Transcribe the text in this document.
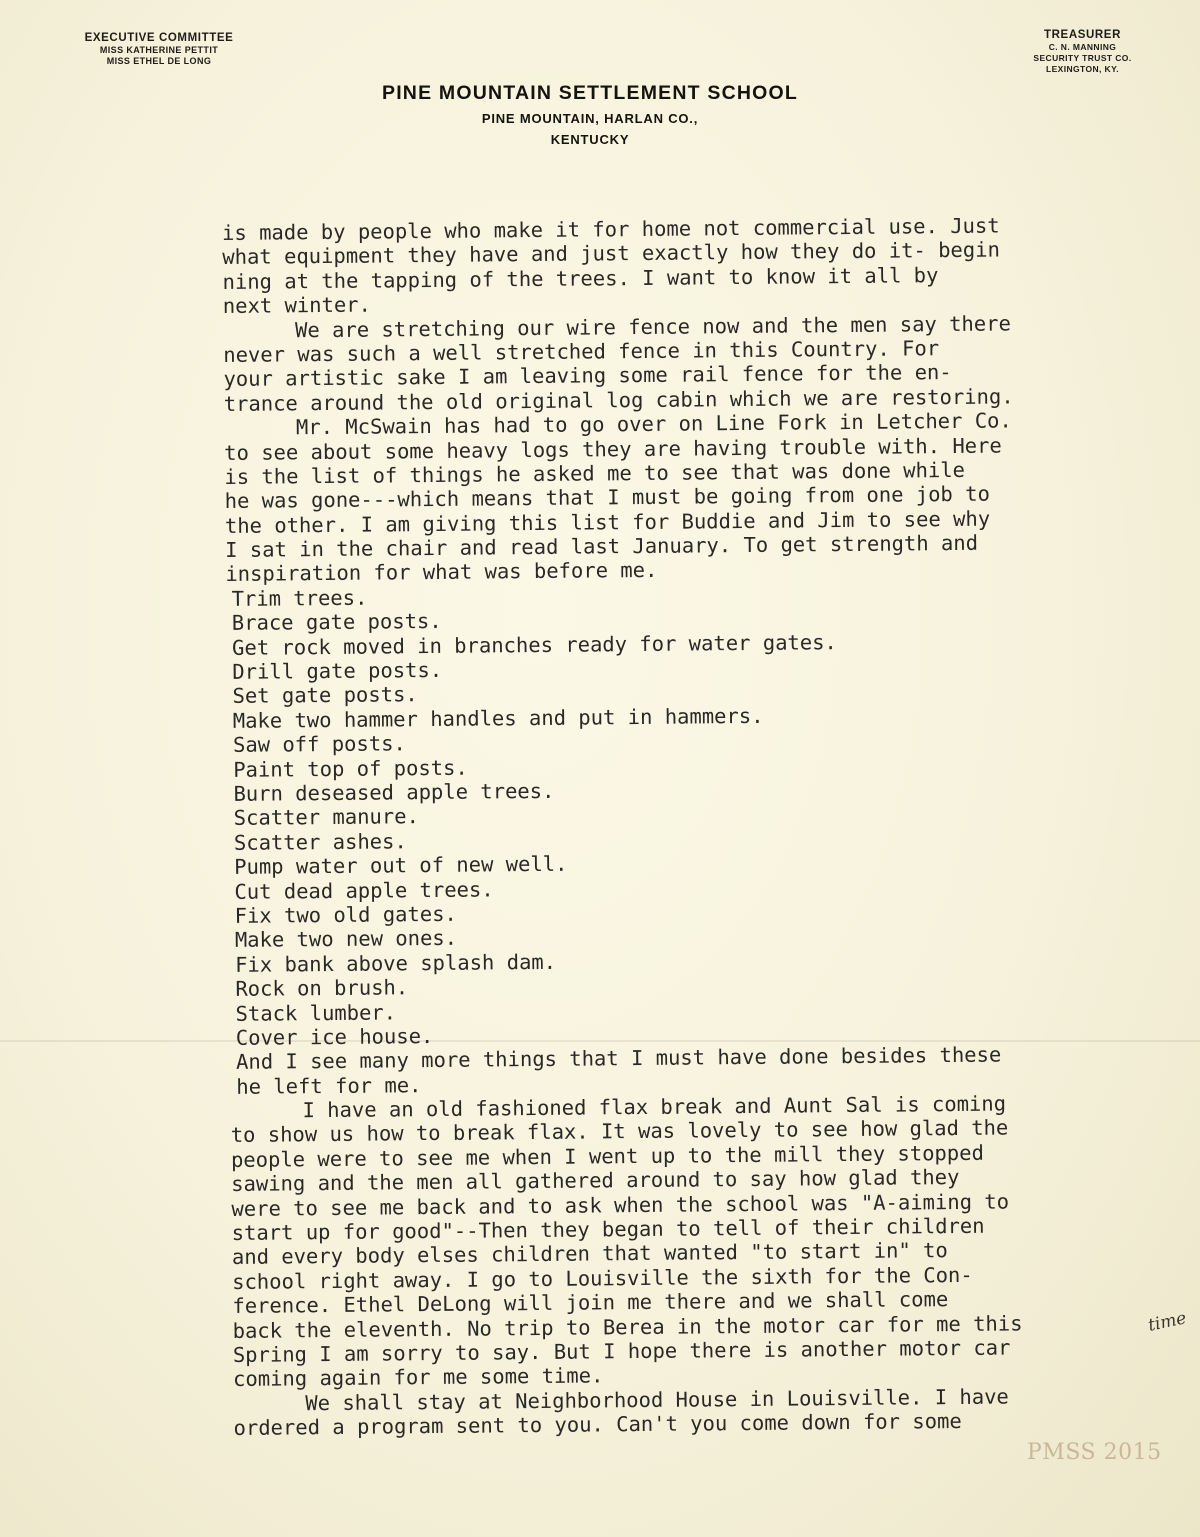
EXECUTIVE COMMITTEE
MISS KATHERINE PETTIT
MISS ETHEL DE LONG
TREASURER
C. N. MANNING
SECURITY TRUST CO.
LEXINGTON, KY.
PINE MOUNTAIN SETTLEMENT SCHOOL
PINE MOUNTAIN, HARLAN CO.,
KENTUCKY
is made by people who make it for home not commercial use. Just
what equipment they have and just exactly how they do it- begin
ning at the tapping of the trees. I want to know it all by
next winter.
We are stretching our wire fence now and the men say there
never was such a well stretched fence in this Country. For
your artistic sake I am leaving some rail fence for the en-
trance around the old original log cabin which we are restoring.
Mr. McSwain has had to go over on Line Fork in Letcher Co.
to see about some heavy logs they are having trouble with. Here
is the list of things he asked me to see that was done while
he was gone---which means that I must be going from one job to
the other. I am giving this list for Buddie and Jim to see why
I sat in the chair and read last January. To get strength and
inspiration for what was before me.
Trim trees.
Brace gate posts.
Get rock moved in branches ready for water gates.
Drill gate posts.
Set gate posts.
Make two hammer handles and put in hammers.
Saw off posts.
Paint top of posts.
Burn deseased apple trees.
Scatter manure.
Scatter ashes.
Pump water out of new well.
Cut dead apple trees.
Fix two old gates.
Make two new ones.
Fix bank above splash dam.
Rock on brush.
Stack lumber.
Cover ice house.
And I see many more things that I must have done besides these
he left for me.
I have an old fashioned flax break and Aunt Sal is coming
to show us how to break flax. It was lovely to see how glad the
people were to see me when I went up to the mill they stopped
sawing and the men all gathered around to say how glad they
were to see me back and to ask when the school was "A-aiming to
start up for good"--Then they began to tell of their children
and every body elses children that wanted "to start in" to
school right away. I go to Louisville the sixth for the Con-
ference. Ethel DeLong will join me there and we shall come
back the eleventh. No trip to Berea in the motor car for me this
Spring I am sorry to say. But I hope there is another motor car
coming again for me some time.
We shall stay at Neighborhood House in Louisville. I have
ordered a program sent to you. Can't you come down for some
time
PMSS 2015
